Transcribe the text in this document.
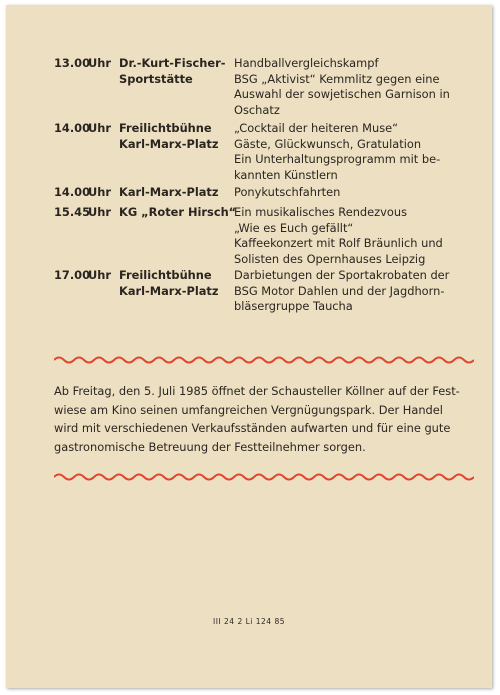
13.00
Uhr Dr.-Kurt-Fischer-
Sportstätte
Handballvergleichskampf
BSG „Aktivist“ Kemmlitz gegen eine
Auswahl der sowjetischen Garnison in
Oschatz
14.00
Uhr Freilichtbühne
Karl-Marx-Platz
„Cocktail der heiteren Muse“
Gäste, Glückwunsch, Gratulation
Ein Unterhaltungsprogramm mit be-
kannten Künstlern
14.00
Uhr Karl-Marx-Platz	Ponykutschfahrten
15.45
Uhr KG „Roter Hirsch“
Ein musikalisches Rendezvous
„Wie es Euch gefällt“
Kaffeekonzert mit Rolf Bräunlich und
Solisten des Opernhauses Leipzig
17.00
Uhr Freilichtbühne
Karl-Marx-Platz
Darbietungen der Sportakrobaten der
BSG Motor Dahlen und der Jagdhorn-
bläsergruppe Taucha
Ab Freitag, den 5. Juli 1985 öffnet der Schausteller Köllner auf der Fest-
wiese am Kino seinen umfangreichen Vergnügungspark. Der Handel
wird mit verschiedenen Verkaufsständen aufwarten und für eine gute
gastronomische Betreuung der Festteilnehmer sorgen.
III 24 2 Li 124 85
